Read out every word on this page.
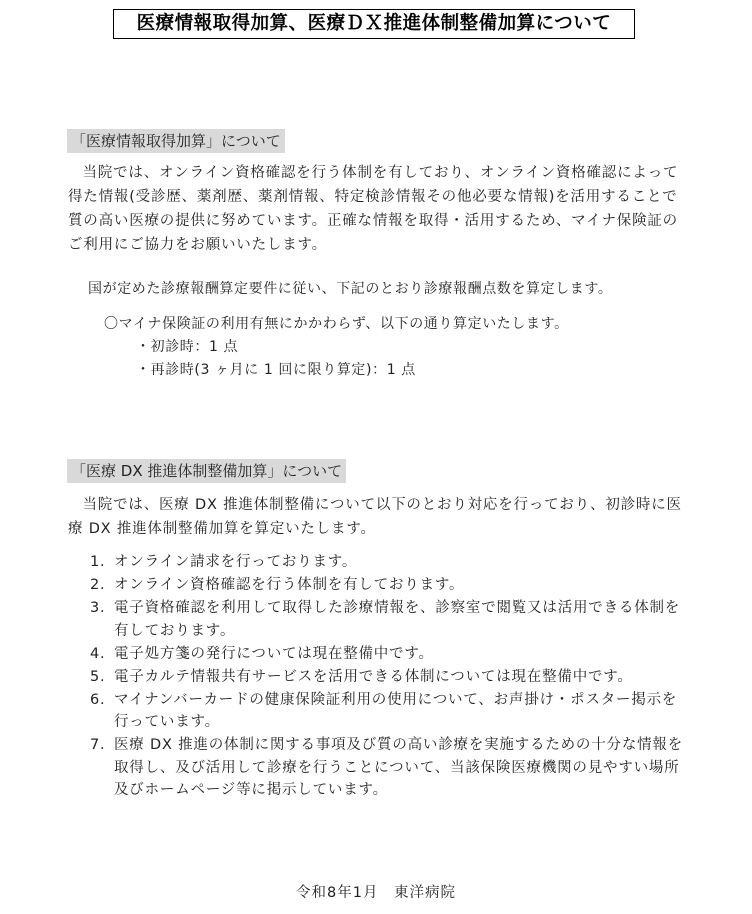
医療情報取得加算、医療ＤＸ推進体制整備加算について
「医療情報取得加算」について

当院では、オンライン資格確認を行う体制を有しており、オンライン資格確認によって得た情報(受診歴、薬剤歴、薬剤情報、特定検診情報その他必要な情報)を活用することで質の高い医療の提供に努めています。正確な情報を取得・活用するため、マイナ保険証のご利用にご協力をお願いいたします。

国が定めた診療報酬算定要件に従い、下記のとおり診療報酬点数を算定します。
〇マイナ保険証の利用有無にかかわらず、以下の通り算定いたします。
・初診時：1 点
・再診時(3 ヶ月に 1 回に限り算定)：1 点
「医療 DX 推進体制整備加算」について

当院では、医療 DX 推進体制整備について以下のとおり対応を行っており、初診時に医療 DX 推進体制整備加算を算定いたします。

1. オンライン請求を行っております。
2. オンライン資格確認を行う体制を有しております。
3. 電子資格確認を利用して取得した診療情報を、診察室で閲覧又は活用できる体制を有しております。
4. 電子処方箋の発行については現在整備中です。
5. 電子カルテ情報共有サービスを活用できる体制については現在整備中です。
6. マイナンバーカードの健康保険証利用の使用について、お声掛け・ポスター掲示を行っています。
7. 医療 DX 推進の体制に関する事項及び質の高い診療を実施するための十分な情報を取得し、及び活用して診療を行うことについて、当該保険医療機関の見やすい場所及びホームページ等に掲示しています。
令和8年1月　東洋病院
